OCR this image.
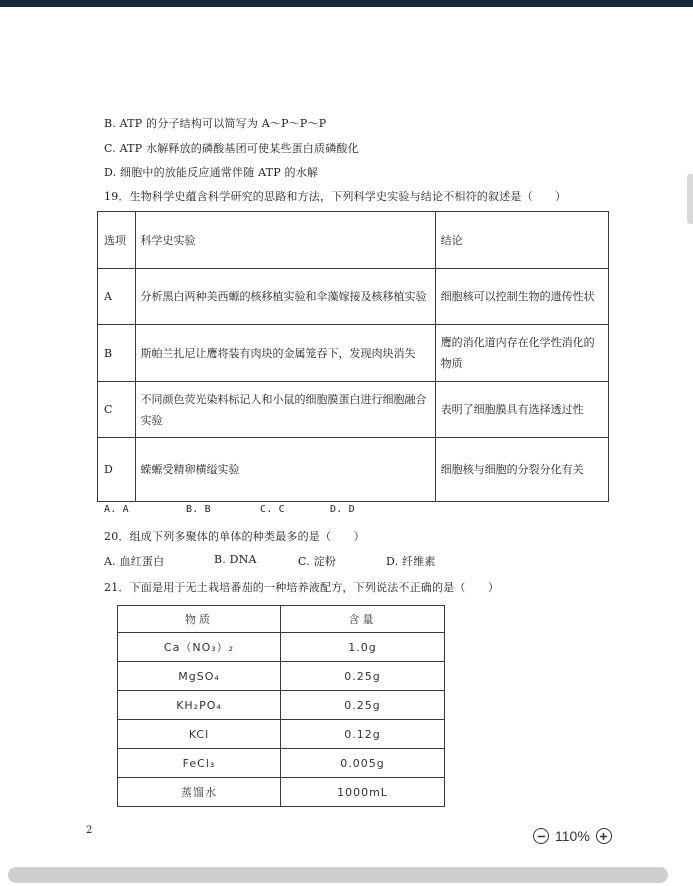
B. ATP 的分子结构可以简写为 A～P～P～P
C. ATP 水解释放的磷酸基团可使某些蛋白质磷酸化
D. 细胞中的放能反应通常伴随 ATP 的水解
19．生物科学史蕴含科学研究的思路和方法，下列科学史实验与结论不相符的叙述是（　　）
选项	科学史实验	结论
A	分析黑白两种美西螈的核移植实验和伞藻嫁接及核移植实验	细胞核可以控制生物的遗传性状
B	斯帕兰扎尼让鹰将装有肉块的金属笼吞下，发现肉块消失	鹰的消化道内存在化学性消化的物质
C	不同颜色荧光染料标记人和小鼠的细胞膜蛋白进行细胞融合实验	表明了细胞膜具有选择透过性
D	蝾螈受精卵横缢实验	细胞核与细胞的分裂分化有关
A. A	B. B	C. C	D. D
20．组成下列多聚体的单体的种类最多的是（　　）
A. 血红蛋白	B. DNA	C. 淀粉	D. 纤维素
21．下面是用于无土栽培番茄的一种培养液配方，下列说法不正确的是（　　）
物质	含量
Ca（NO₃）₂	1.0g
MgSO₄	0.25g
KH₂PO₄	0.25g
KCl	0.12g
FeCl₃	0.005g
蒸馏水	1000mL
2	110%
